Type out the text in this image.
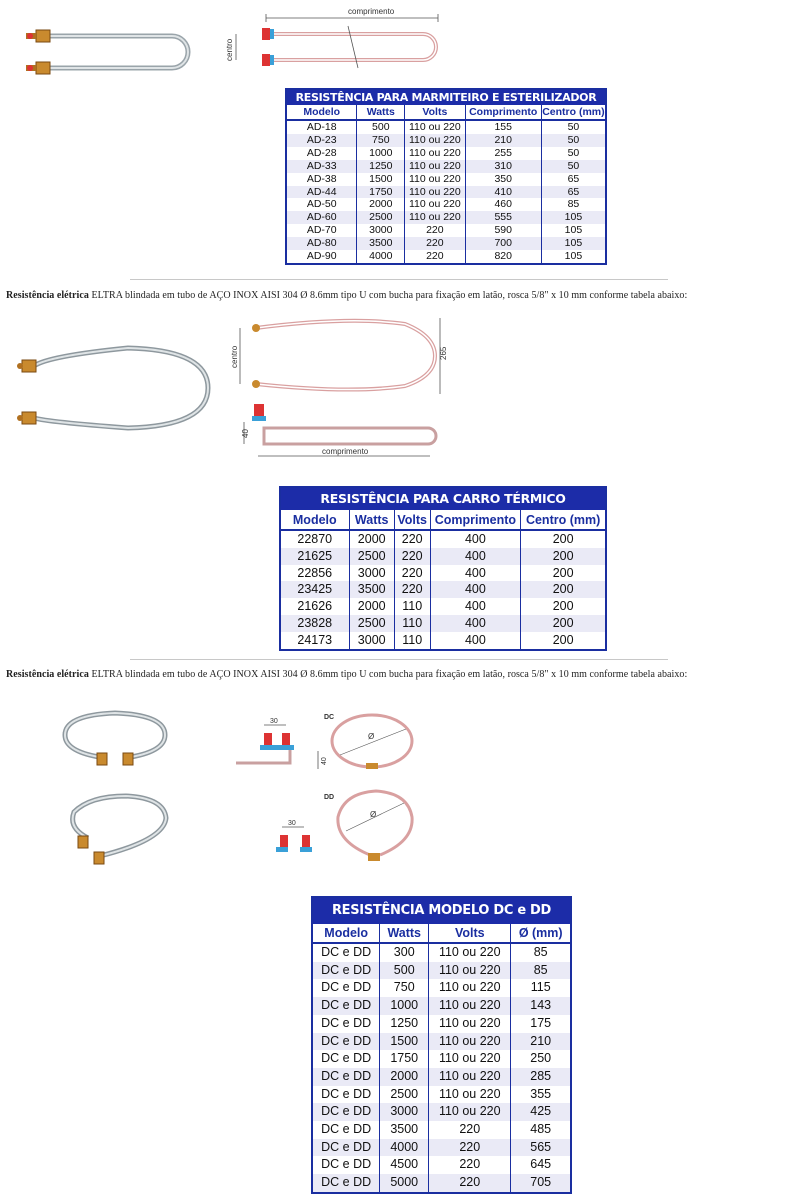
comprimento
centro
RESISTÊNCIA PARA MARMITEIRO E ESTERILIZADOR
Modelo	Watts	Volts	Comprimento	Centro (mm)
AD-18	500	110 ou 220	155	50
AD-23	750	110 ou 220	210	50
AD-28	1000	110 ou 220	255	50
AD-33	1250	110 ou 220	310	50
AD-38	1500	110 ou 220	350	65
AD-44	1750	110 ou 220	410	65
AD-50	2000	110 ou 220	460	85
AD-60	2500	110 ou 220	555	105
AD-70	3000	220	590	105
AD-80	3500	220	700	105
AD-90	4000	220	820	105
Resistência elétrica ELTRA blindada em tubo de AÇO INOX AISI 304 Ø 8.6mm tipo U com bucha para fixação em latão, rosca 5/8" x 10 mm conforme tabela abaixo:
centro	265
40
comprimento
RESISTÊNCIA PARA CARRO TÉRMICO
Modelo	Watts	Volts	Comprimento	Centro (mm)
22870	2000	220	400	200
21625	2500	220	400	200
22856	3000	220	400	200
23425	3500	220	400	200
21626	2000	110	400	200
23828	2500	110	400	200
24173	3000	110	400	200
Resistência elétrica ELTRA blindada em tubo de AÇO INOX AISI 304 Ø 8.6mm tipo U com bucha para fixação em latão, rosca 5/8" x 10 mm conforme tabela abaixo:
DC
30
40
Ø
DD
30
Ø
RESISTÊNCIA MODELO DC e DD
Modelo	Watts	Volts	Ø (mm)
DC e DD	300	110 ou 220	85
DC e DD	500	110 ou 220	85
DC e DD	750	110 ou 220	115
DC e DD	1000	110 ou 220	143
DC e DD	1250	110 ou 220	175
DC e DD	1500	110 ou 220	210
DC e DD	1750	110 ou 220	250
DC e DD	2000	110 ou 220	285
DC e DD	2500	110 ou 220	355
DC e DD	3000	110 ou 220	425
DC e DD	3500	220	485
DC e DD	4000	220	565
DC e DD	4500	220	645
DC e DD	5000	220	705
